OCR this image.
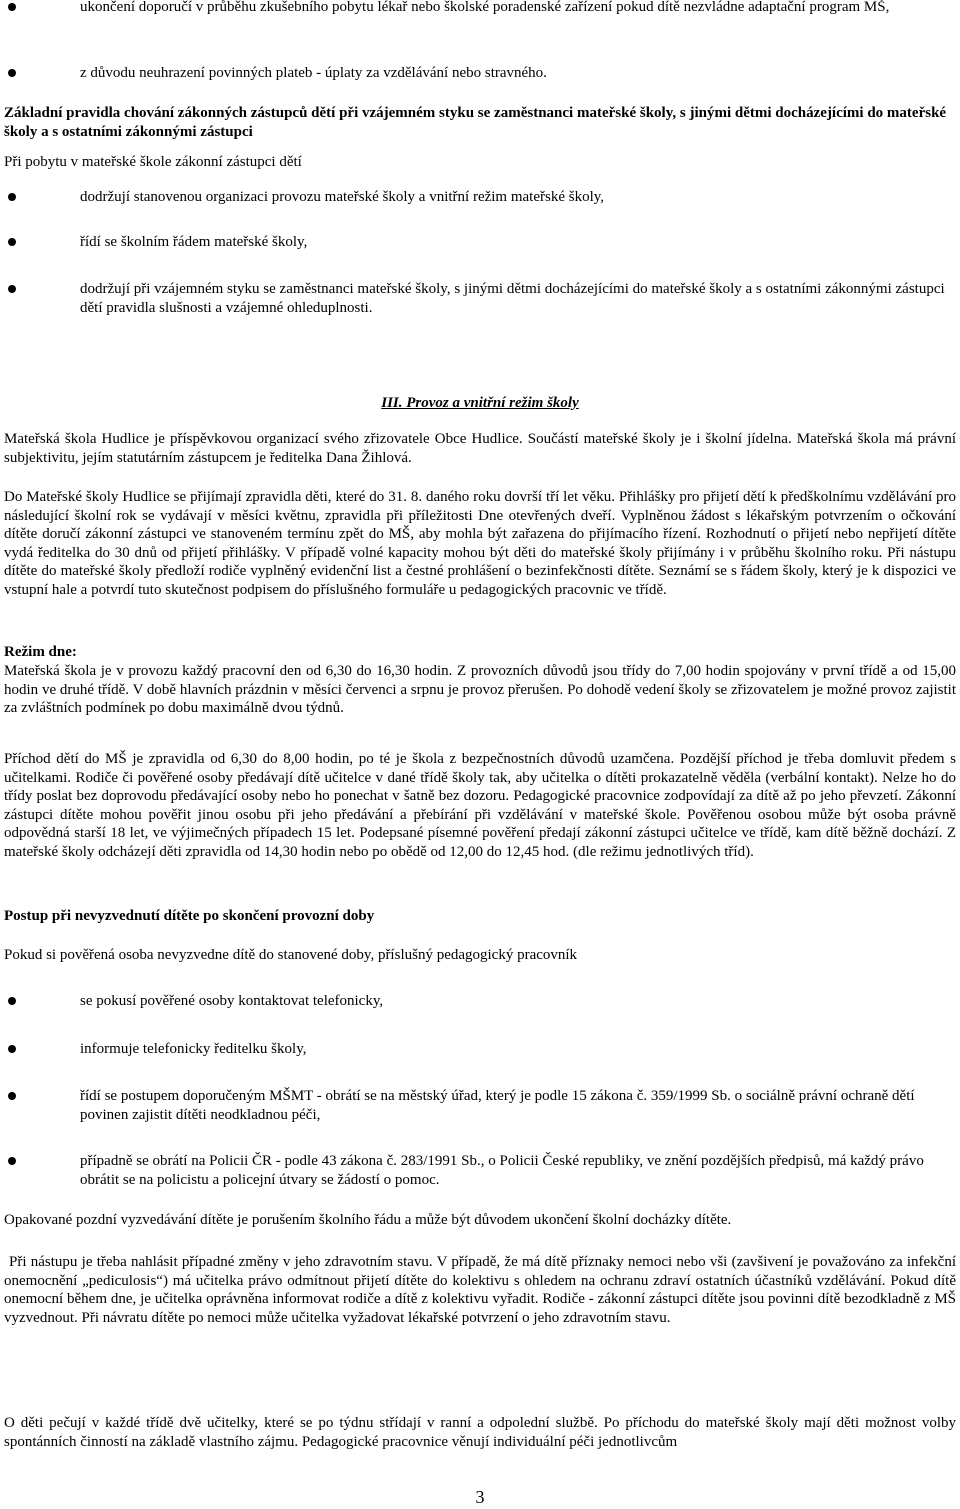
ukončení doporučí v průběhu zkušebního pobytu lékař nebo školské poradenské zařízení pokud dítě nezvládne adaptační program MŠ,
z důvodu neuhrazení povinných plateb - úplaty za vzdělávání nebo stravného.
Základní pravidla chování zákonných zástupců dětí při vzájemném styku se zaměstnanci mateřské školy, s jinými dětmi docházejícími do mateřské školy a s ostatními zákonnými zástupci
Při pobytu v mateřské škole zákonní zástupci dětí
dodržují stanovenou organizaci provozu mateřské školy a vnitřní režim mateřské školy,
řídí se školním řádem mateřské školy,
dodržují při vzájemném styku se zaměstnanci mateřské školy, s jinými dětmi docházejícími do mateřské školy a s ostatními zákonnými zástupci dětí pravidla slušnosti a vzájemné ohleduplnosti.
III. Provoz a vnitřní režim školy
Mateřská škola Hudlice je příspěvkovou organizací svého zřizovatele Obce Hudlice. Součástí mateřské školy je i školní jídelna. Mateřská škola má právní subjektivitu, jejím statutárním zástupcem je ředitelka Dana Žihlová.
Do Mateřské školy Hudlice se přijímají zpravidla děti, které do 31. 8. daného roku dovrší tří let věku. Přihlášky pro přijetí dětí k předškolnímu vzdělávání pro následující školní rok se vydávají v měsíci květnu, zpravidla při příležitosti Dne otevřených dveří. Vyplněnou žádost s lékařským potvrzením o očkování dítěte doručí zákonní zástupci ve stanoveném termínu zpět do MŠ, aby mohla být zařazena do přijímacího řízení. Rozhodnutí o přijetí nebo nepřijetí dítěte vydá ředitelka do 30 dnů od přijetí přihlášky. V případě volné kapacity mohou být děti do mateřské školy přijímány i v průběhu školního roku. Při nástupu dítěte do mateřské školy předloží rodiče vyplněný evidenční list a čestné prohlášení o bezinfekčnosti dítěte. Seznámí se s řádem školy, který je k dispozici ve vstupní hale a potvrdí tuto skutečnost podpisem do příslušného formuláře u pedagogických pracovnic ve třídě.
Režim dne:
Mateřská škola je v provozu každý pracovní den od 6,30 do 16,30 hodin. Z provozních důvodů jsou třídy do 7,00 hodin spojovány v první třídě a od 15,00 hodin ve druhé třídě. V době hlavních prázdnin v měsíci červenci a srpnu je provoz přerušen. Po dohodě vedení školy se zřizovatelem je možné provoz zajistit za zvláštních podmínek po dobu maximálně dvou týdnů.
Příchod dětí do MŠ je zpravidla od 6,30 do 8,00 hodin, po té je škola z bezpečnostních důvodů uzamčena. Pozdější příchod je třeba domluvit předem s učitelkami. Rodiče či pověřené osoby předávají dítě učitelce v dané třídě školy tak, aby učitelka o dítěti prokazatelně věděla (verbální kontakt). Nelze ho do třídy poslat bez doprovodu předávající osoby nebo ho ponechat v šatně bez dozoru. Pedagogické pracovnice zodpovídají za dítě až po jeho převzetí. Zákonní zástupci dítěte mohou pověřit jinou osobu při jeho předávání a přebírání při vzdělávání v mateřské škole. Pověřenou osobou může být osoba právně odpovědná starší 18 let, ve výjimečných případech 15 let. Podepsané písemné pověření předají zákonní zástupci učitelce ve třídě, kam dítě běžně dochází. Z mateřské školy odcházejí děti zpravidla od 14,30 hodin nebo po obědě od 12,00 do 12,45 hod. (dle režimu jednotlivých tříd).
Postup při nevyzvednutí dítěte po skončení provozní doby
Pokud si pověřená osoba nevyzvedne dítě do stanovené doby, příslušný pedagogický pracovník
se pokusí pověřené osoby kontaktovat telefonicky,
informuje telefonicky ředitelku školy,
řídí se postupem doporučeným MŠMT - obrátí se na městský úřad, který je podle 15 zákona č. 359/1999 Sb. o sociálně právní ochraně dětí povinen zajistit dítěti neodkladnou péči,
případně se obrátí na Policii ČR - podle 43 zákona č. 283/1991 Sb., o Policii České republiky, ve znění pozdějších předpisů, má každý právo obrátit se na policistu a policejní útvary se žádostí o pomoc.
Opakované pozdní vyzvedávání dítěte je porušením školního řádu a může být důvodem ukončení školní docházky dítěte.
Při nástupu je třeba nahlásit případné změny v jeho zdravotním stavu. V případě, že má dítě příznaky nemoci nebo vši (zavšivení je považováno za infekční onemocnění „pediculosis“) má učitelka právo odmítnout přijetí dítěte do kolektivu s ohledem na ochranu zdraví ostatních účastníků vzdělávání. Pokud dítě onemocní během dne, je učitelka oprávněna informovat rodiče a dítě z kolektivu vyřadit. Rodiče - zákonní zástupci dítěte jsou povinni dítě bezodkladně z MŠ vyzvednout. Při návratu dítěte po nemoci může učitelka vyžadovat lékařské potvrzení o jeho zdravotním stavu.
O děti pečují v každé třídě dvě učitelky, které se po týdnu střídají v ranní a odpolední službě. Po příchodu do mateřské školy mají děti možnost volby spontánních činností na základě vlastního zájmu. Pedagogické pracovnice věnují individuální péči jednotlivcům
3
